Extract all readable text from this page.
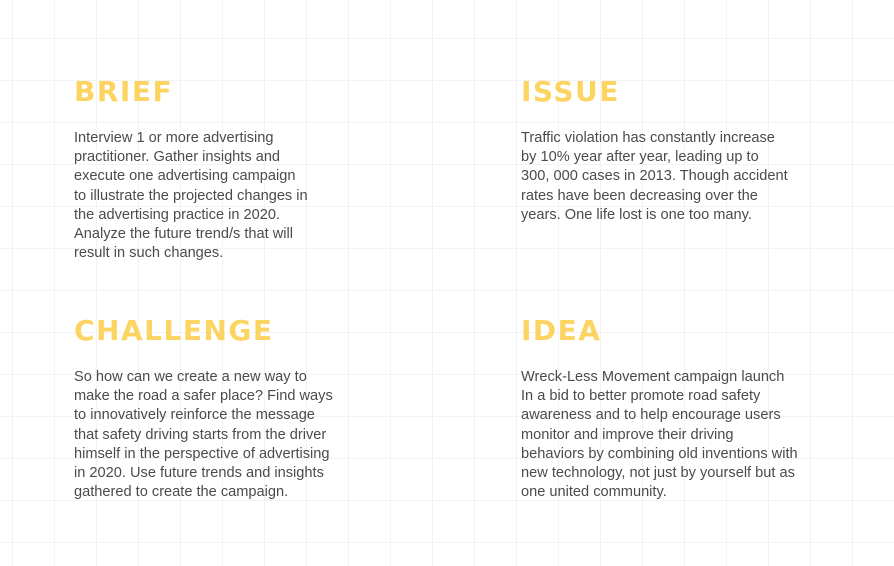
BRIEF

Interview 1 or more advertising
practitioner. Gather insights and
execute one advertising campaign
to illustrate the projected changes in
the advertising practice in 2020.
Analyze the future trend/s that will
result in such changes.

ISSUE

Traffic violation has constantly increase
by 10% year after year, leading up to
300, 000 cases in 2013. Though accident
rates have been decreasing over the
years. One life lost is one too many.

CHALLENGE

So how can we create a new way to
make the road a safer place? Find ways
to innovatively reinforce the message
that safety driving starts from the driver
himself in the perspective of advertising
in 2020. Use future trends and insights
gathered to create the campaign.

IDEA

Wreck-Less Movement campaign launch
In a bid to better promote road safety
awareness and to help encourage users
monitor and improve their driving
behaviors by combining old inventions with
new technology, not just by yourself but as
one united community.
